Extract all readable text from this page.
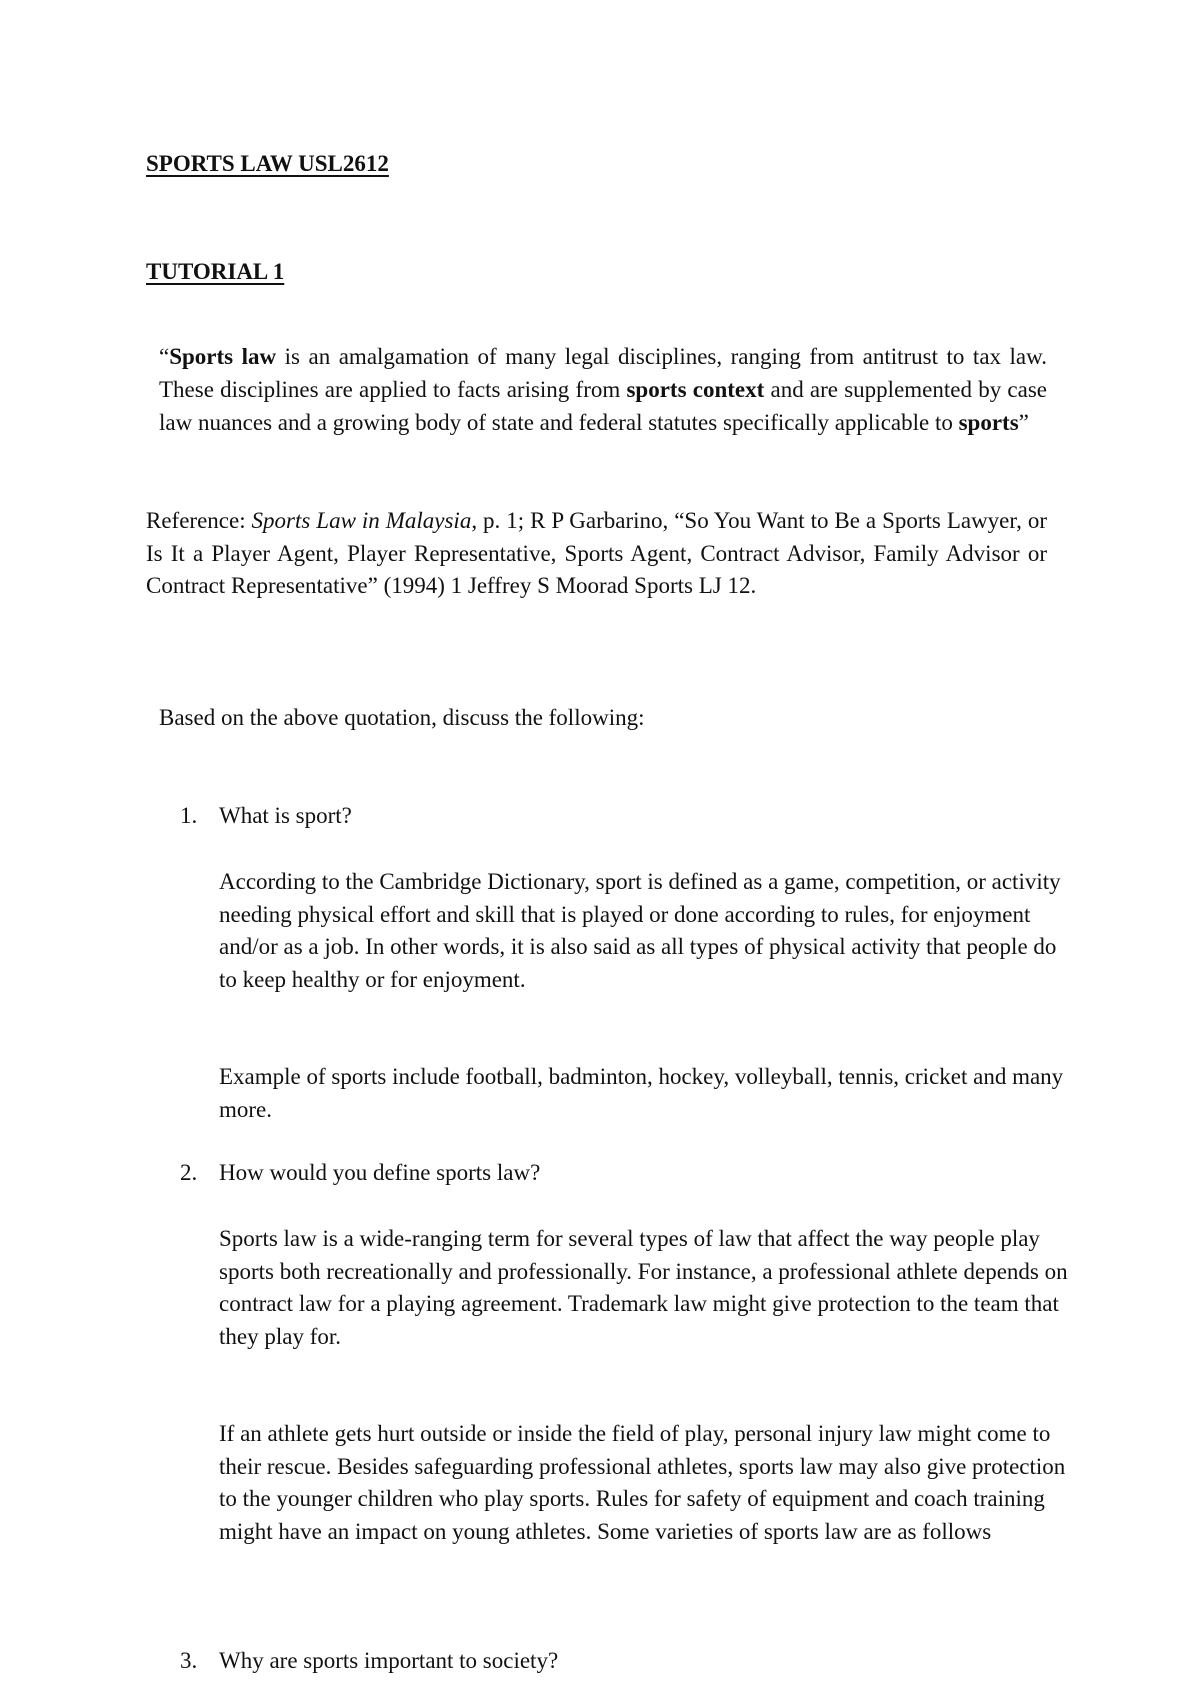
SPORTS LAW USL2612
TUTORIAL 1

“Sports law is an amalgamation of many legal disciplines, ranging from antitrust to tax law. These disciplines are applied to facts arising from sports context and are supplemented by case law nuances and a growing body of state and federal statutes specifically applicable to sports”

Reference: Sports Law in Malaysia, p. 1; R P Garbarino, “So You Want to Be a Sports Lawyer, or Is It a Player Agent, Player Representative, Sports Agent, Contract Advisor, Family Advisor or Contract Representative” (1994) 1 Jeffrey S Moorad Sports LJ 12.

Based on the above quotation, discuss the following:

1. What is sport?

According to the Cambridge Dictionary, sport is defined as a game, competition, or activity needing physical effort and skill that is played or done according to rules, for enjoyment and/or as a job. In other words, it is also said as all types of physical activity that people do to keep healthy or for enjoyment.

Example of sports include football, badminton, hockey, volleyball, tennis, cricket and many more.

2. How would you define sports law?

Sports law is a wide-ranging term for several types of law that affect the way people play sports both recreationally and professionally. For instance, a professional athlete depends on contract law for a playing agreement. Trademark law might give protection to the team that they play for.

If an athlete gets hurt outside or inside the field of play, personal injury law might come to their rescue. Besides safeguarding professional athletes, sports law may also give protection to the younger children who play sports. Rules for safety of equipment and coach training might have an impact on young athletes. Some varieties of sports law are as follows

3. Why are sports important to society?
